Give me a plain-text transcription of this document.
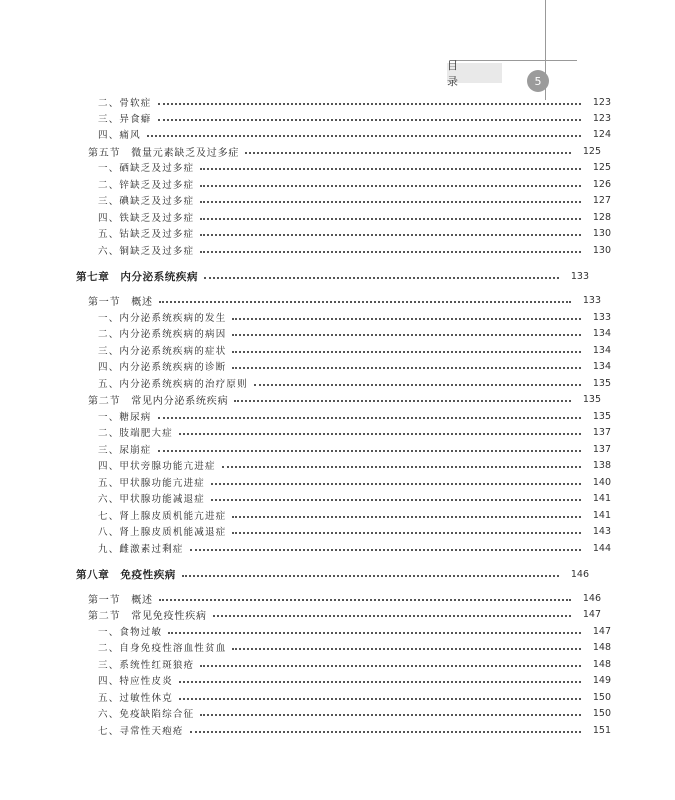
目 录	5
二、骨软症	123
三、异食癖	123
四、痛风	124
第五节　微量元素缺乏及过多症	125
一、硒缺乏及过多症	125
二、锌缺乏及过多症	126
三、碘缺乏及过多症	127
四、铁缺乏及过多症	128
五、钴缺乏及过多症	130
六、铜缺乏及过多症	130
第七章　内分泌系统疾病	133
第一节　概述	133
一、内分泌系统疾病的发生	133
二、内分泌系统疾病的病因	134
三、内分泌系统疾病的症状	134
四、内分泌系统疾病的诊断	134
五、内分泌系统疾病的治疗原则	135
第二节　常见内分泌系统疾病	135
一、糖尿病	135
二、肢端肥大症	137
三、尿崩症	137
四、甲状旁腺功能亢进症	138
五、甲状腺功能亢进症	140
六、甲状腺功能减退症	141
七、肾上腺皮质机能亢进症	141
八、肾上腺皮质机能减退症	143
九、雌激素过剩症	144
第八章　免疫性疾病	146
第一节　概述	146
第二节　常见免疫性疾病	147
一、食物过敏	147
二、自身免疫性溶血性贫血	148
三、系统性红斑狼疮	148
四、特应性皮炎	149
五、过敏性休克	150
六、免疫缺陷综合征	150
七、寻常性天疱疮	151
